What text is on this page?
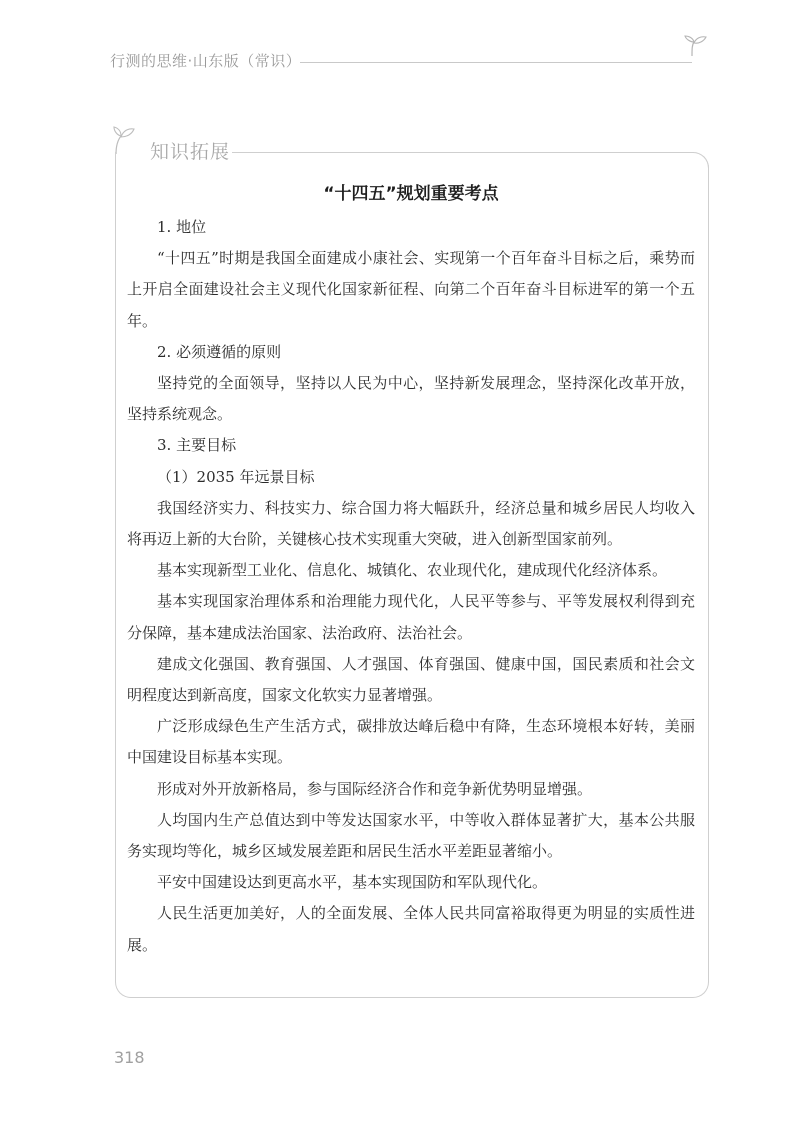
行测的思维·山东版（常识）
知识拓展
“十四五”规划重要考点

1. 地位

“十四五”时期是我国全面建成小康社会、实现第一个百年奋斗目标之后，乘势而上开启全面建设社会主义现代化国家新征程、向第二个百年奋斗目标进军的第一个五年。

2. 必须遵循的原则

坚持党的全面领导，坚持以人民为中心，坚持新发展理念，坚持深化改革开放，坚持系统观念。

3. 主要目标

（1）2035 年远景目标

我国经济实力、科技实力、综合国力将大幅跃升，经济总量和城乡居民人均收入将再迈上新的大台阶，关键核心技术实现重大突破，进入创新型国家前列。

基本实现新型工业化、信息化、城镇化、农业现代化，建成现代化经济体系。

基本实现国家治理体系和治理能力现代化，人民平等参与、平等发展权利得到充分保障，基本建成法治国家、法治政府、法治社会。

建成文化强国、教育强国、人才强国、体育强国、健康中国，国民素质和社会文明程度达到新高度，国家文化软实力显著增强。

广泛形成绿色生产生活方式，碳排放达峰后稳中有降，生态环境根本好转，美丽中国建设目标基本实现。

形成对外开放新格局，参与国际经济合作和竞争新优势明显增强。

人均国内生产总值达到中等发达国家水平，中等收入群体显著扩大，基本公共服务实现均等化，城乡区域发展差距和居民生活水平差距显著缩小。

平安中国建设达到更高水平，基本实现国防和军队现代化。

人民生活更加美好，人的全面发展、全体人民共同富裕取得更为明显的实质性进展。

318
